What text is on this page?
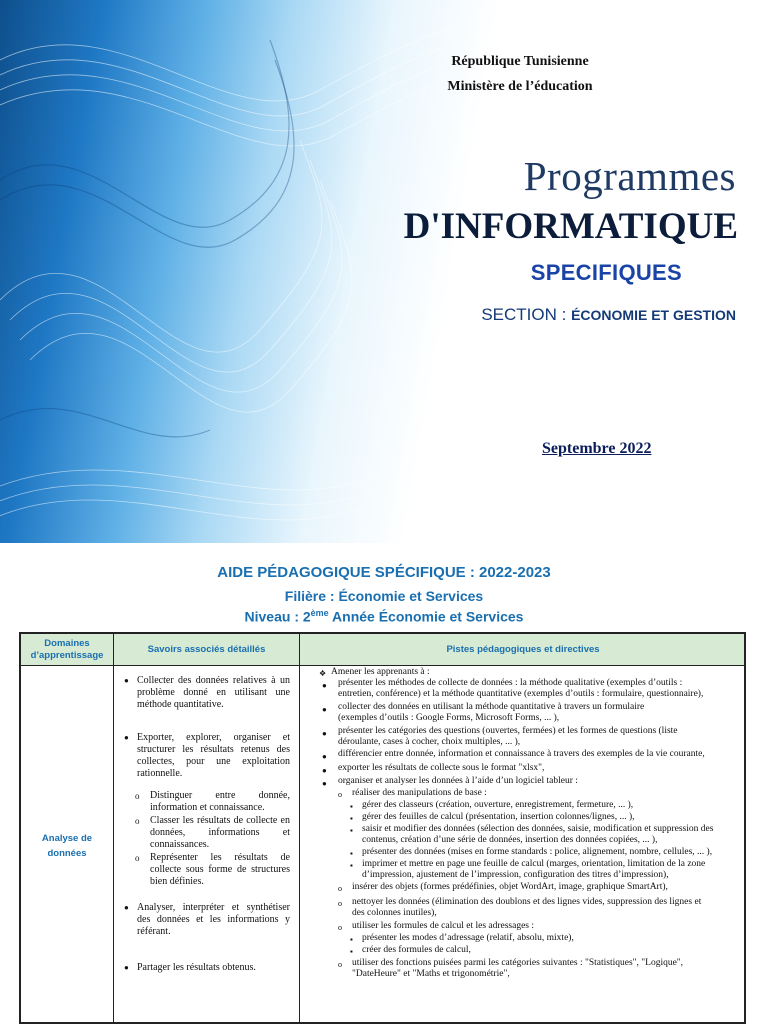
République Tunisienne
Ministère de l’éducation
Programmes
D'INFORMATIQUE
SPECIFIQUES
SECTION : ÉCONOMIE ET GESTION
Septembre 2022
AIDE PÉDAGOGIQUE SPÉCIFIQUE : 2022-2023
Filière : Économie et Services
Niveau : 2ème Année Économie et Services
Domaines d’apprentissage
Savoirs associés détaillés	Pistes pédagogiques et directives
Analyse de données
● Collecter des données relatives à un problème donné en utilisant une méthode quantitative.
● Exporter, explorer, organiser et structurer les résultats retenus des collectes, pour une exploitation rationnelle.
o Distinguer entre donnée, information et connaissance.
o Classer les résultats de collecte en données, informations et connaissances.
o Représenter les résultats de collecte sous forme de structures bien définies.
● Analyser, interpréter et synthétiser des données et les informations y référant.
● Partager les résultats obtenus.
❖ Amener les apprenants à :
● présenter les méthodes de collecte de données : la méthode qualitative (exemples d’outils :
entretien, conférence) et la méthode quantitative (exemples d’outils : formulaire, questionnaire),
● collecter des données en utilisant la méthode quantitative à travers un formulaire
(exemples d’outils : Google Forms, Microsoft Forms, ... ),
● présenter les catégories des questions (ouvertes, fermées) et les formes de questions (liste
déroulante, cases à cocher, choix multiples, ... ),
● différencier entre donnée, information et connaissance à travers des exemples de la vie courante,
● exporter les résultats de collecte sous le format "xlsx",
● organiser et analyser les données à l’aide d’un logiciel tableur :
o réaliser des manipulations de base :
▪ gérer des classeurs (création, ouverture, enregistrement, fermeture, ... ),
▪ gérer des feuilles de calcul (présentation, insertion colonnes/lignes, ... ),
▪ saisir et modifier des données (sélection des données, saisie, modification et suppression des
contenus, création d’une série de données, insertion des données copiées, ... ),
▪ présenter des données (mises en forme standards : police, alignement, nombre, cellules, ... ),
▪ imprimer et mettre en page une feuille de calcul (marges, orientation, limitation de la zone
d’impression, ajustement de l’impression, configuration des titres d’impression),
o insérer des objets (formes prédéfinies, objet WordArt, image, graphique SmartArt),
o nettoyer les données (élimination des doublons et des lignes vides, suppression des lignes et
des colonnes inutiles),
o utiliser les formules de calcul et les adressages :
▪ présenter les modes d’adressage (relatif, absolu, mixte),
▪ créer des formules de calcul,
o utiliser des fonctions puisées parmi les catégories suivantes : "Statistiques", "Logique",
"DateHeure" et "Maths et trigonométrie",
